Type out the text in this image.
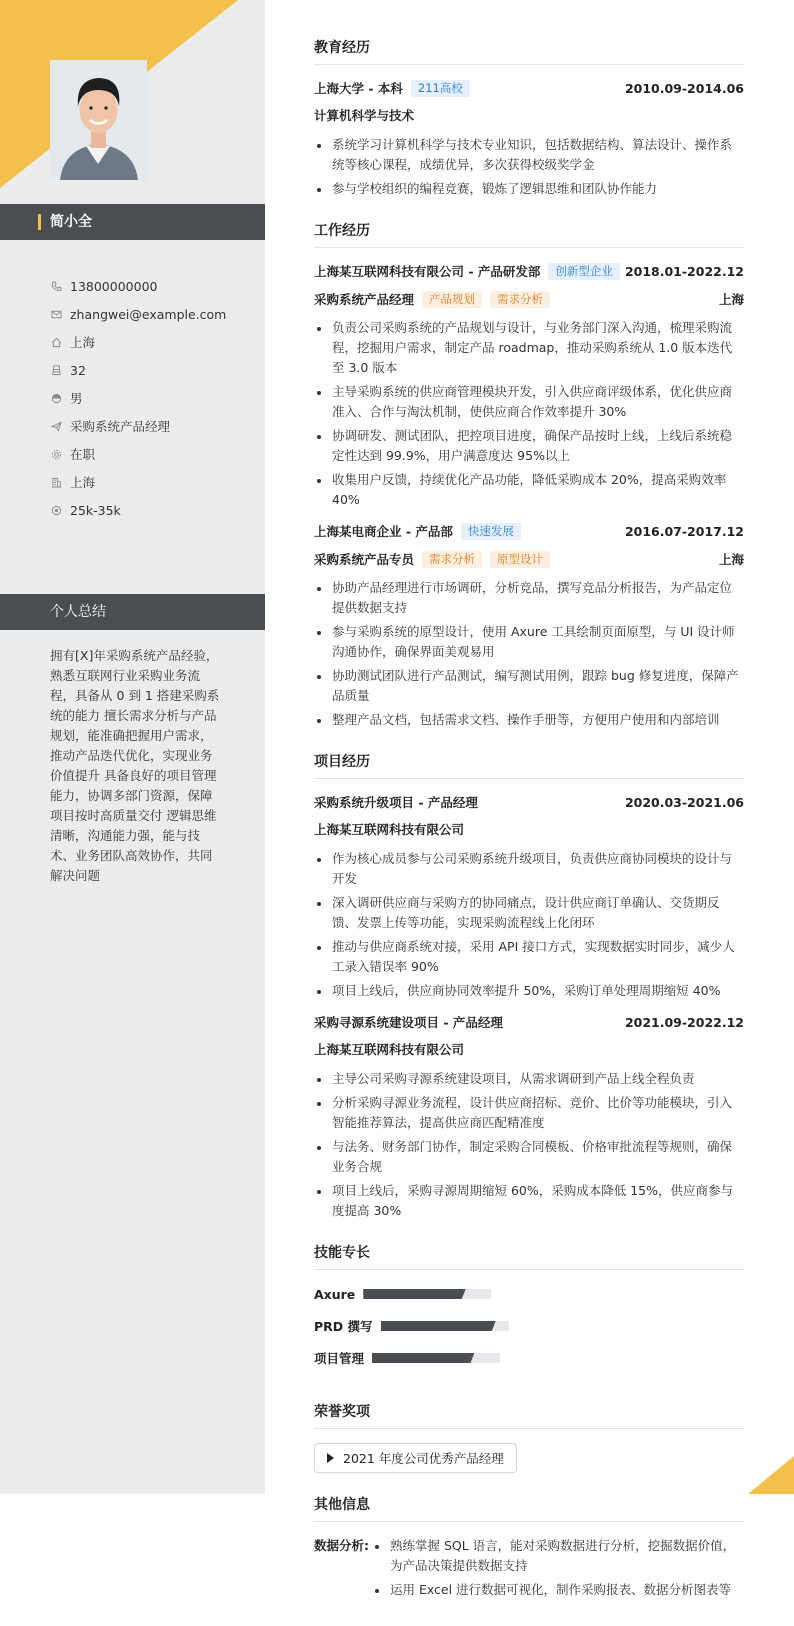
简小全
13800000000
zhangwei@example.com
上海
32
男
采购系统产品经理
在职
上海
25k-35k
个人总结
拥有[X]年采购系统产品经验，熟悉互联网行业采购业务流程，具备从 0 到 1 搭建采购系统的能力 擅长需求分析与产品规划，能准确把握用户需求，推动产品迭代优化，实现业务价值提升 具备良好的项目管理能力，协调多部门资源，保障项目按时高质量交付 逻辑思维清晰，沟通能力强，能与技术、业务团队高效协作，共同解决问题
教育经历
上海大学 - 本科	211高校	2010.09-2014.06
计算机科学与技术
系统学习计算机科学与技术专业知识，包括数据结构、算法设计、操作系统等核心课程，成绩优异，多次获得校级奖学金
参与学校组织的编程竞赛，锻炼了逻辑思维和团队协作能力
工作经历
上海某互联网科技有限公司 - 产品研发部	创新型企业 2018.01-2022.12
采购系统产品经理	产品规划	需求分析	上海
负责公司采购系统的产品规划与设计，与业务部门深入沟通，梳理采购流程，挖掘用户需求，制定产品 roadmap，推动采购系统从 1.0 版本迭代至 3.0 版本
主导采购系统的供应商管理模块开发，引入供应商评级体系，优化供应商准入、合作与淘汰机制，使供应商合作效率提升 30%
协调研发、测试团队，把控项目进度，确保产品按时上线，上线后系统稳定性达到 99.9%，用户满意度达 95%以上
收集用户反馈，持续优化产品功能，降低采购成本 20%，提高采购效率 40%
上海某电商企业 - 产品部	快速发展	2016.07-2017.12
采购系统产品专员	需求分析	原型设计	上海
协助产品经理进行市场调研，分析竞品，撰写竞品分析报告，为产品定位提供数据支持
参与采购系统的原型设计，使用 Axure 工具绘制页面原型，与 UI 设计师沟通协作，确保界面美观易用
协助测试团队进行产品测试，编写测试用例，跟踪 bug 修复进度，保障产品质量
整理产品文档，包括需求文档、操作手册等，方便用户使用和内部培训
项目经历
采购系统升级项目 - 产品经理	2020.03-2021.06
上海某互联网科技有限公司
作为核心成员参与公司采购系统升级项目，负责供应商协同模块的设计与开发
深入调研供应商与采购方的协同痛点，设计供应商订单确认、交货期反馈、发票上传等功能，实现采购流程线上化闭环
推动与供应商系统对接，采用 API 接口方式，实现数据实时同步，减少人工录入错误率 90%
项目上线后，供应商协同效率提升 50%，采购订单处理周期缩短 40%
采购寻源系统建设项目 - 产品经理	2021.09-2022.12
上海某互联网科技有限公司
主导公司采购寻源系统建设项目，从需求调研到产品上线全程负责
分析采购寻源业务流程，设计供应商招标、竞价、比价等功能模块，引入智能推荐算法，提高供应商匹配精准度
与法务、财务部门协作，制定采购合同模板、价格审批流程等规则，确保业务合规
项目上线后，采购寻源周期缩短 60%，采购成本降低 15%，供应商参与度提高 30%
技能专长
Axure
PRD 撰写
项目管理
荣誉奖项
2021 年度公司优秀产品经理
其他信息
数据分析:	熟练掌握 SQL 语言，能对采购数据进行分析，挖掘数据价值，为产品决策提供数据支持
运用 Excel 进行数据可视化，制作采购报表、数据分析图表等
